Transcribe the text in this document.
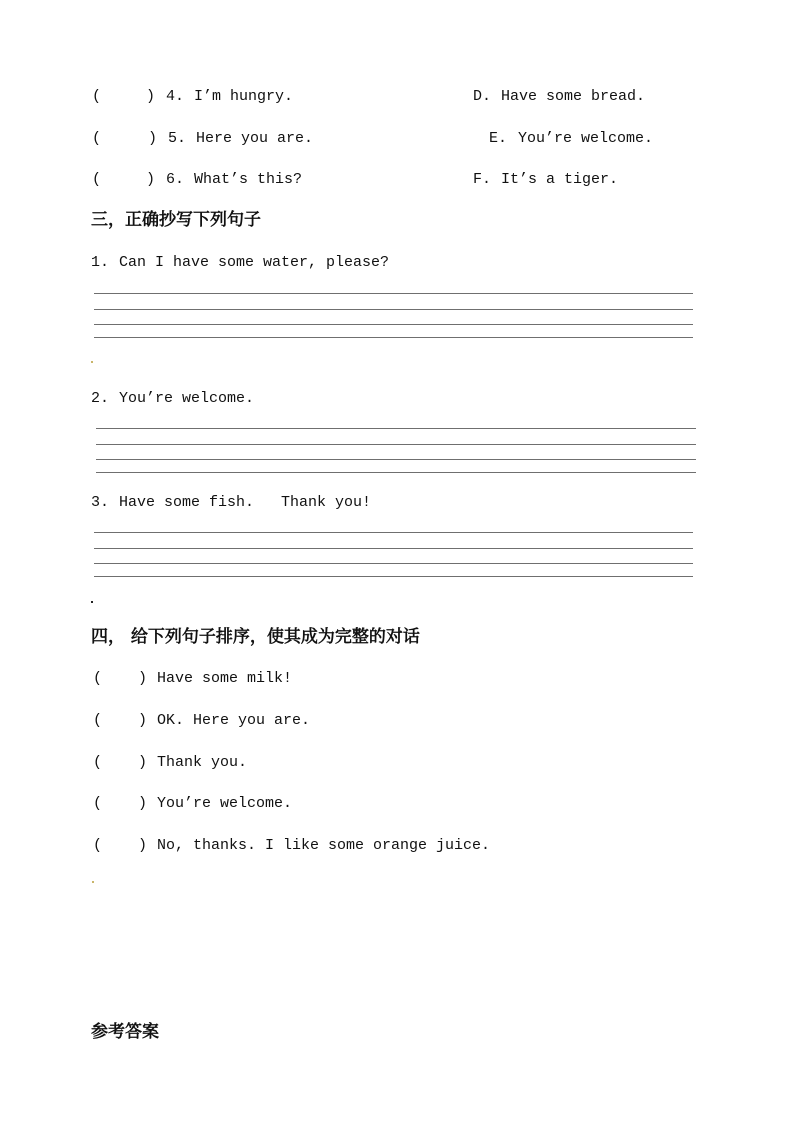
(	) 4. I’m hungry.	D. Have some bread.
(	) 5. Here you are.	E. You’re welcome.
(	) 6. What’s this?	F. It’s a tiger.
三，正确抄写下列句子
1. Can I have some water, please?
2. You’re welcome.
3. Have some fish.   Thank you!
四， 给下列句子排序，使其成为完整的对话
( ) Have some milk!
( ) OK. Here you are.
( ) Thank you.
( ) You’re welcome.
( ) No, thanks. I like some orange juice.
参考答案
